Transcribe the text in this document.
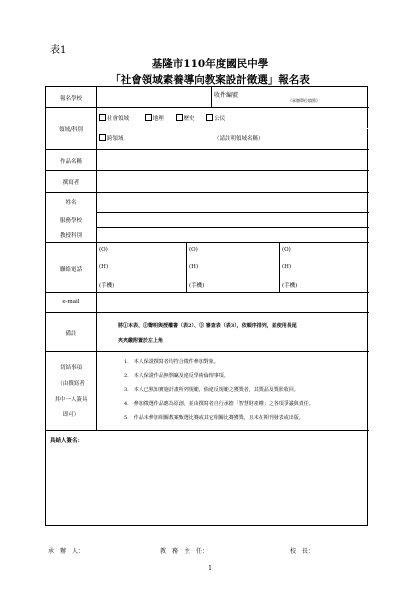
表1
基隆市110年度國民中學
「社會領域素養導向教案設計徵選」報名表
報名學校	收件編號
（承辦單位填寫）
領域/科別
社會領域	地理	歷史	公民
跨領域	（請註明領域名稱）
作品名稱
撰寫者
姓名
服務學校
教授科別
聯絡電話
(O)
(H)
(手機)
(O)
(H)
(手機)
(O)
(H)
(手機)
e-mail
備註
將①本表、②聲明與授權書（表2）、③ 審查表（表3），依順序排列，並使用長尾
夾夾繳附置於左上角
切結事項
（由撰寫者
其中一人簽具
即可）
1.　本人保證撰寫者均符合徵件參加對象。
2.　本人保證作品無剽竊及違反學術倫理事項。
3.　本人已熟知實施計畫所列規範，倘違反規範之獲獎者，其獎品及獎狀收回。
4.　參加徵選作品應為原創，並由撰寫者自行承擔「智慧財產權」之各項爭議與責任。
5.　作品未參加相關教案甄選比賽或其它相關比賽獲獎，且未在期刊發表或出版。
具結人簽名：
承　辦　人：	教　務　主　任：	校　長：
1
